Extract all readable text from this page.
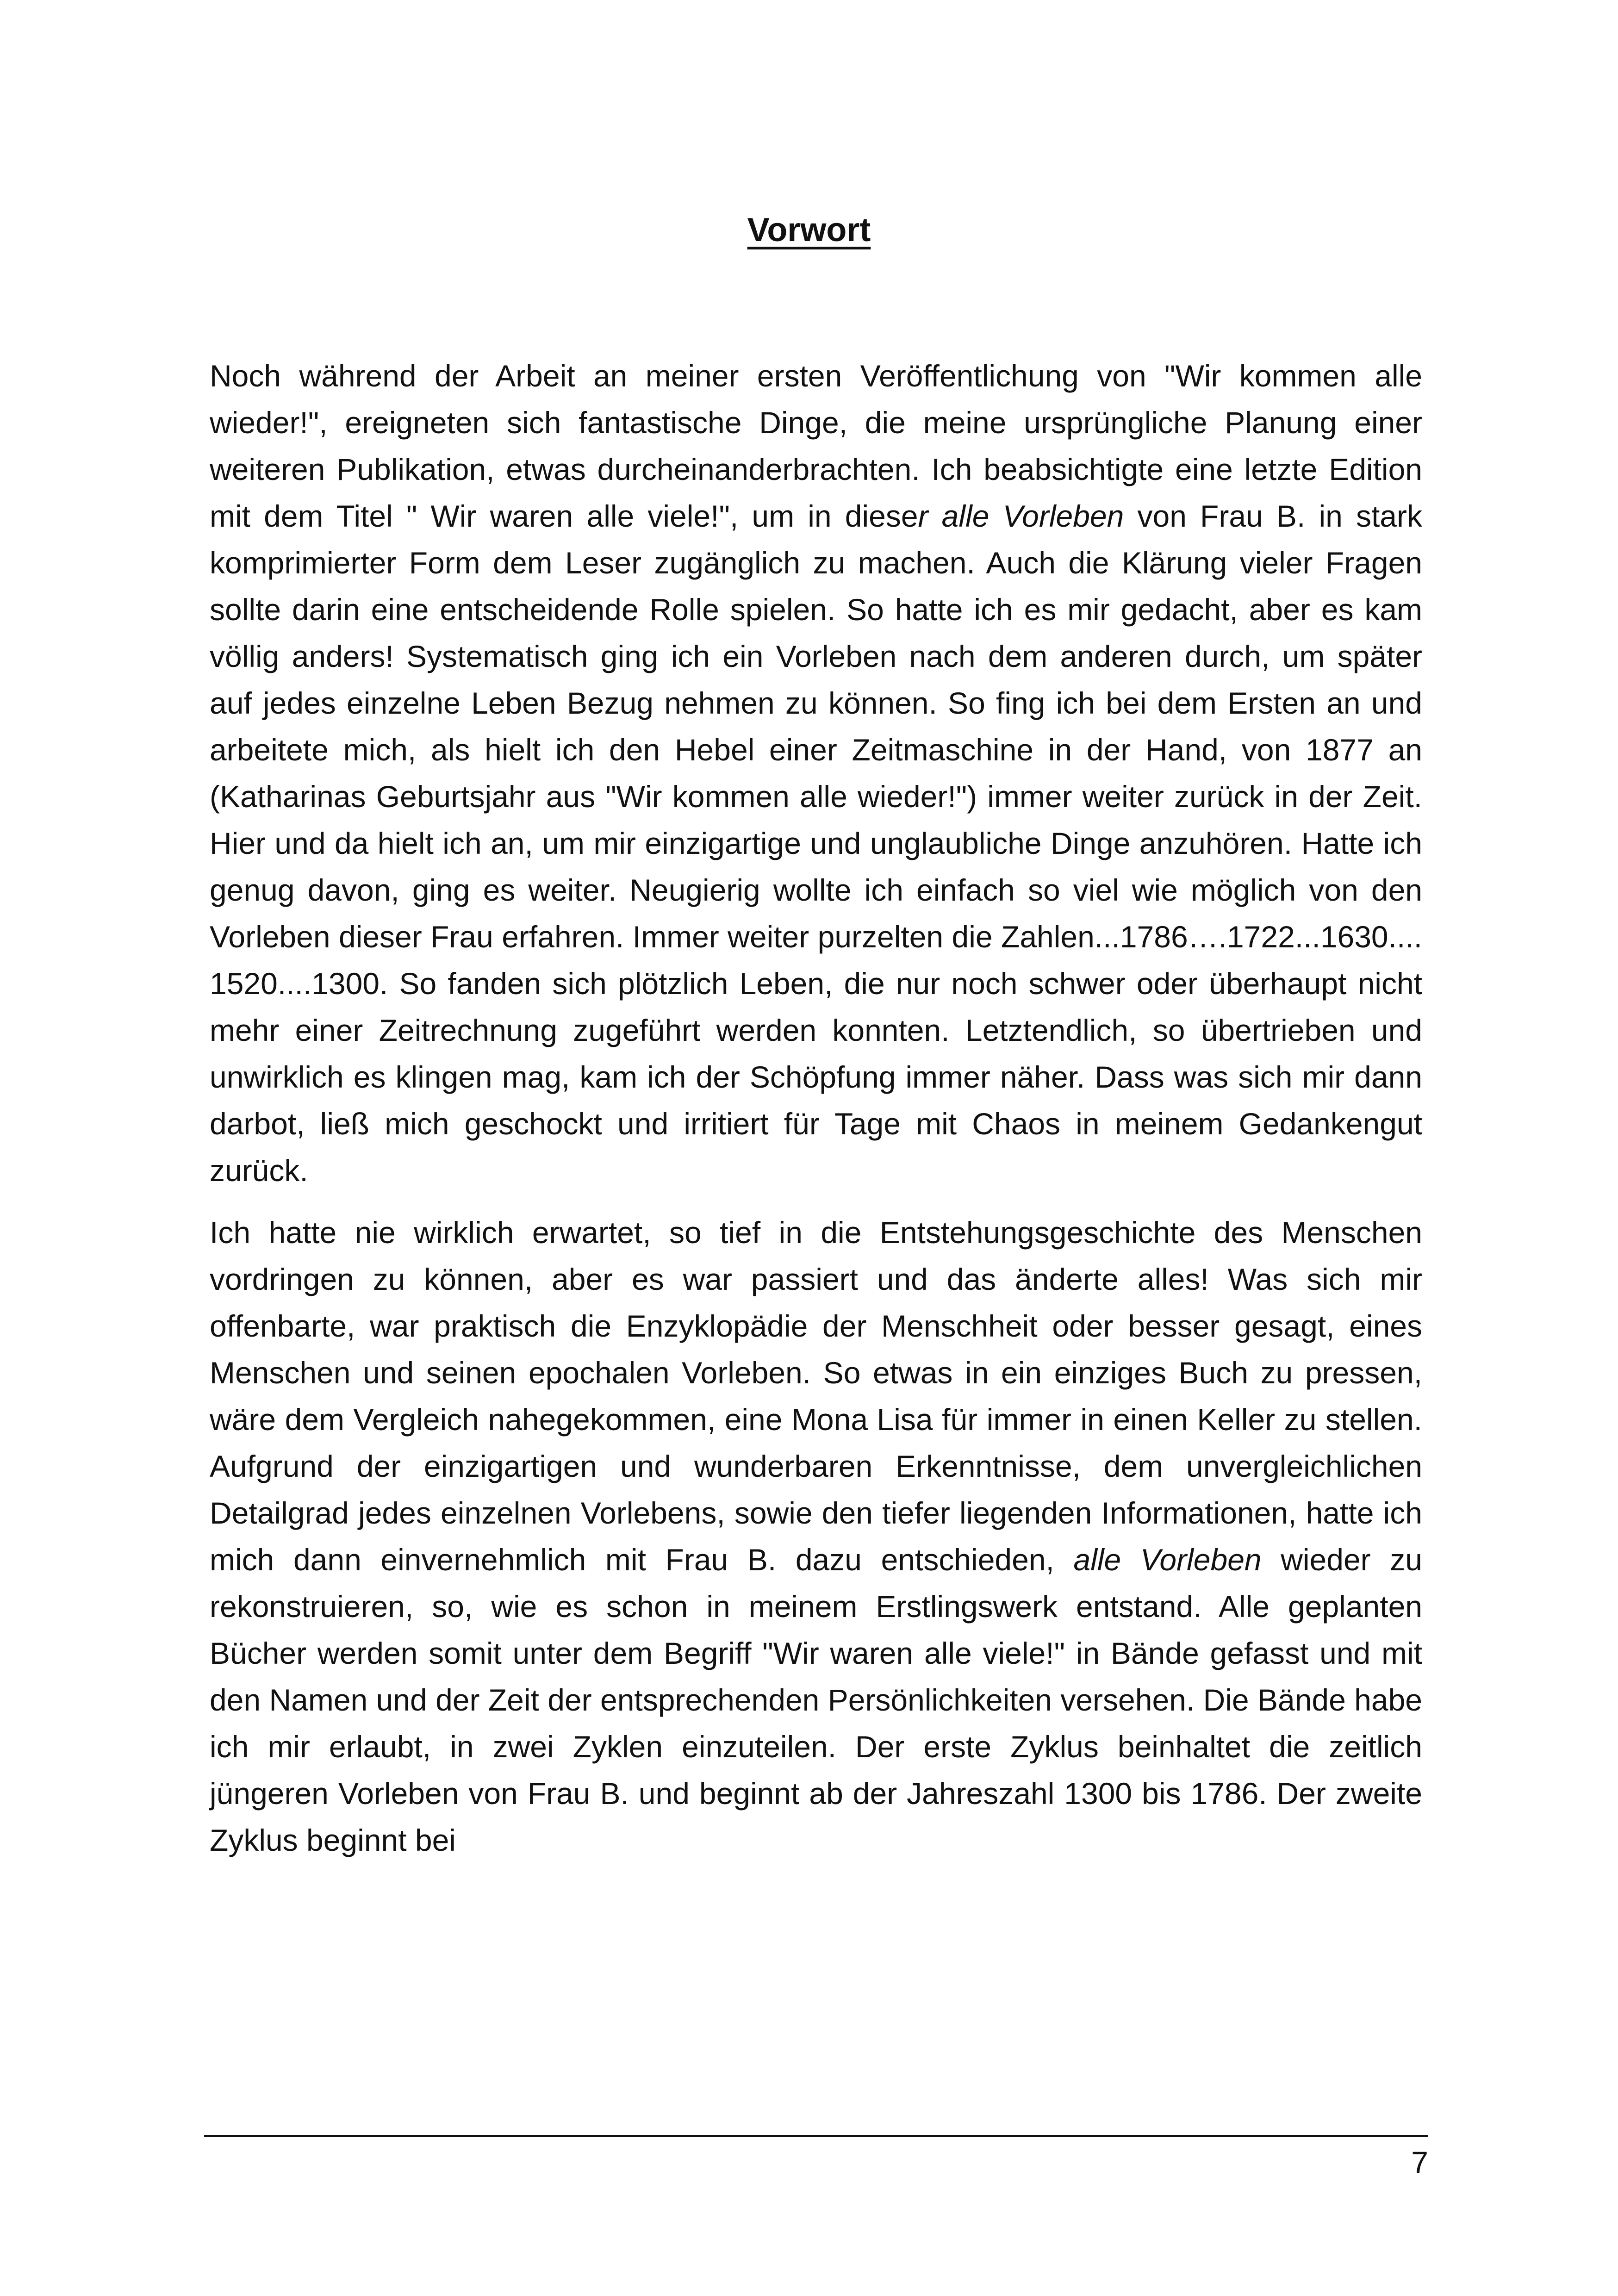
Vorwort

Noch während der Arbeit an meiner ersten Veröffentlichung von "Wir kommen alle wieder!", ereigneten sich fantastische Dinge, die meine ursprüngliche Planung einer weiteren Publikation, etwas durcheinanderbrachten. Ich beabsichtigte eine letzte Edition mit dem Titel " Wir waren alle viele!", um in dieser alle Vorleben von Frau B. in stark komprimierter Form dem Leser zugänglich zu machen. Auch die Klärung vieler Fragen sollte darin eine entscheidende Rolle spielen. So hatte ich es mir gedacht, aber es kam völlig anders! Systematisch ging ich ein Vorleben nach dem anderen durch, um später auf jedes einzelne Leben Bezug nehmen zu können. So fing ich bei dem Ersten an und arbeitete mich, als hielt ich den Hebel einer Zeitmaschine in der Hand, von 1877 an (Katharinas Geburtsjahr aus "Wir kommen alle wieder!") immer weiter zurück in der Zeit. Hier und da hielt ich an, um mir einzigartige und unglaubliche Dinge anzuhören. Hatte ich genug davon, ging es weiter. Neugierig wollte ich einfach so viel wie möglich von den Vorleben dieser Frau erfahren. Immer weiter purzelten die Zahlen...1786….1722...1630.... 1520....1300. So fanden sich plötzlich Leben, die nur noch schwer oder überhaupt nicht mehr einer Zeitrechnung zugeführt werden konnten. Letztendlich, so übertrieben und unwirklich es klingen mag, kam ich der Schöpfung immer näher. Dass was sich mir dann darbot, ließ mich geschockt und irritiert für Tage mit Chaos in meinem Gedankengut zurück.

Ich hatte nie wirklich erwartet, so tief in die Entstehungsgeschichte des Menschen vordringen zu können, aber es war passiert und das änderte alles! Was sich mir offenbarte, war praktisch die Enzyklopädie der Menschheit oder besser gesagt, eines Menschen und seinen epochalen Vorleben. So etwas in ein einziges Buch zu pressen, wäre dem Vergleich nahegekommen, eine Mona Lisa für immer in einen Keller zu stellen. Aufgrund der einzigartigen und wunderbaren Erkenntnisse, dem unvergleichlichen Detailgrad jedes einzelnen Vorlebens, sowie den tiefer liegenden Informationen, hatte ich mich dann einvernehmlich mit Frau B. dazu entschieden, alle Vorleben wieder zu rekonstruieren, so, wie es schon in meinem Erstlingswerk entstand. Alle geplanten Bücher werden somit unter dem Begriff "Wir waren alle viele!" in Bände gefasst und mit den Namen und der Zeit der entsprechenden Persönlichkeiten versehen. Die Bände habe ich mir erlaubt, in zwei Zyklen einzuteilen. Der erste Zyklus beinhaltet die zeitlich jüngeren Vorleben von Frau B. und beginnt ab der Jahreszahl 1300 bis 1786. Der zweite Zyklus beginnt bei

7
